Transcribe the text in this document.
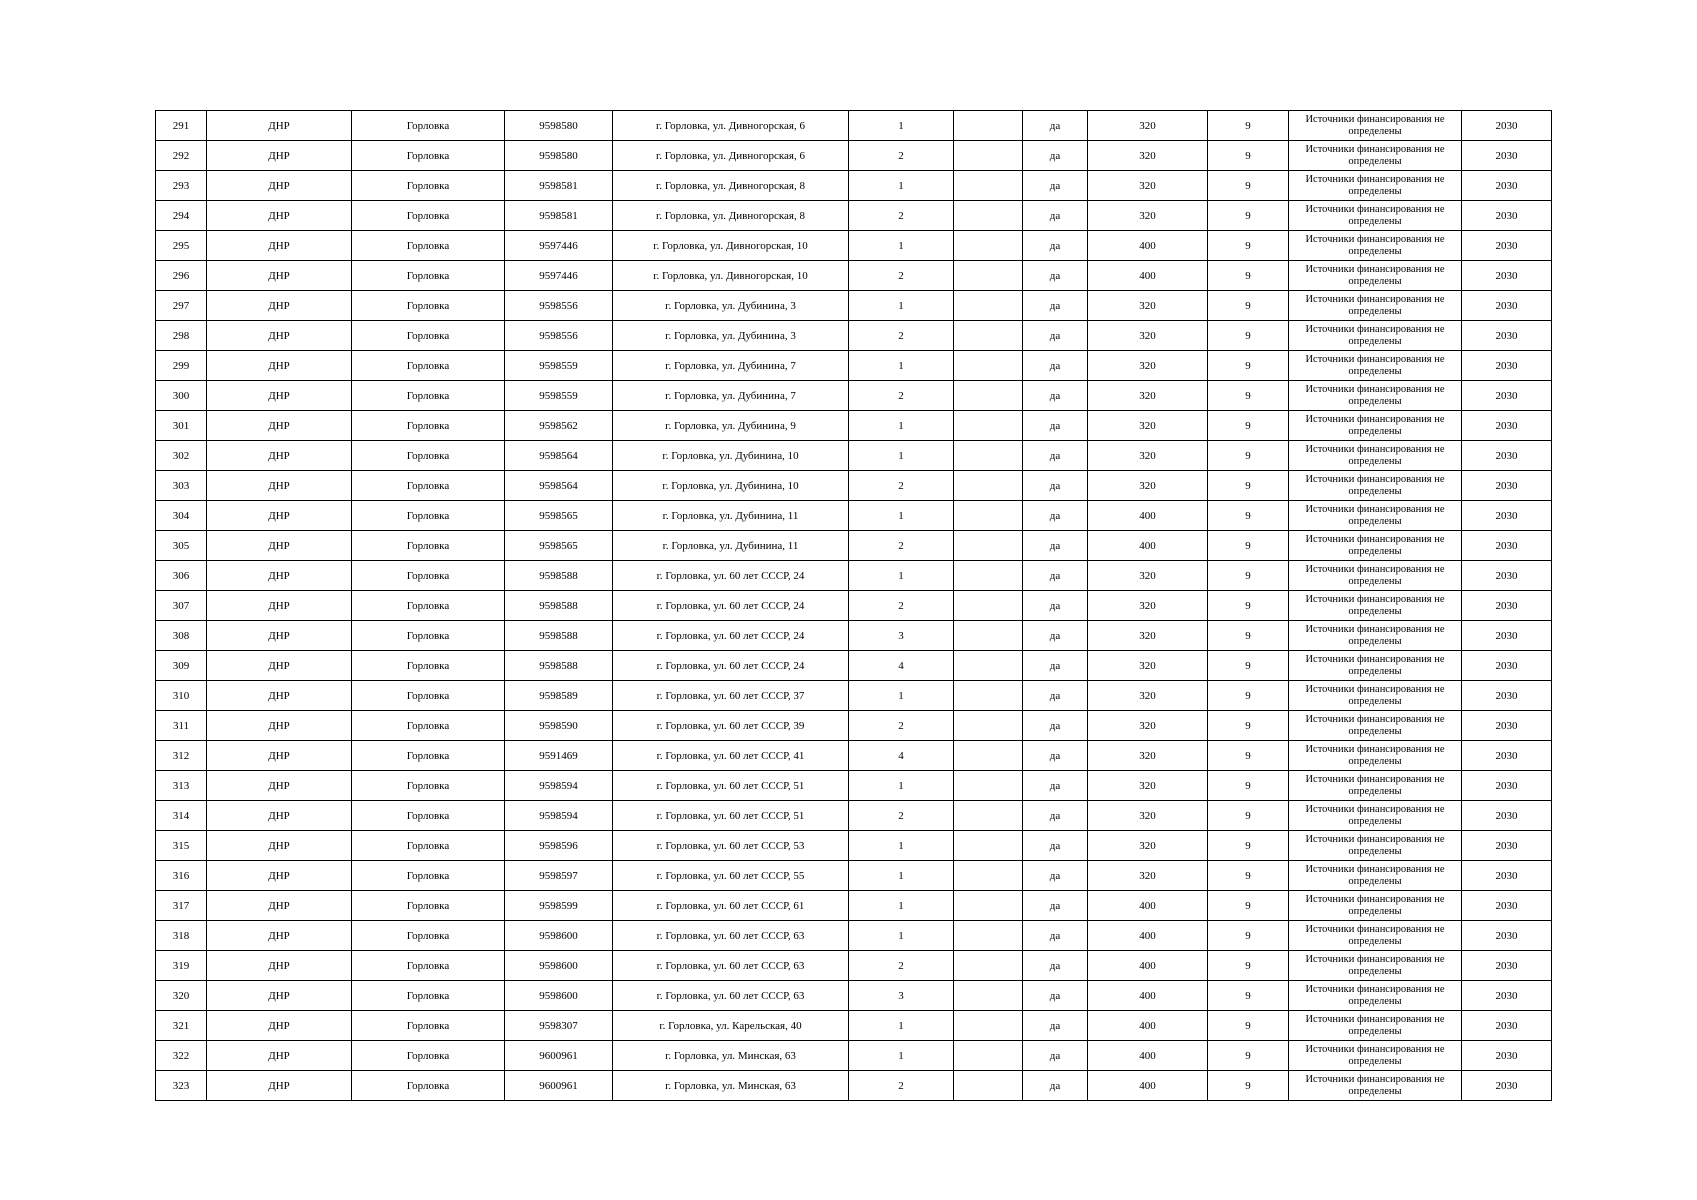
291	ДНР	Горловка	9598580	г. Горловка, ул. Дивногорская, 6	1		да	320	9	Источники финансирования не определены	2030
292	ДНР	Горловка	9598580	г. Горловка, ул. Дивногорская, 6	2		да	320	9	Источники финансирования не определены	2030
293	ДНР	Горловка	9598581	г. Горловка, ул. Дивногорская, 8	1		да	320	9	Источники финансирования не определены	2030
294	ДНР	Горловка	9598581	г. Горловка, ул. Дивногорская, 8	2		да	320	9	Источники финансирования не определены	2030
295	ДНР	Горловка	9597446	г. Горловка, ул. Дивногорская, 10	1		да	400	9	Источники финансирования не определены	2030
296	ДНР	Горловка	9597446	г. Горловка, ул. Дивногорская, 10	2		да	400	9	Источники финансирования не определены	2030
297	ДНР	Горловка	9598556	г. Горловка, ул. Дубинина, 3	1		да	320	9	Источники финансирования не определены	2030
298	ДНР	Горловка	9598556	г. Горловка, ул. Дубинина, 3	2		да	320	9	Источники финансирования не определены	2030
299	ДНР	Горловка	9598559	г. Горловка, ул. Дубинина, 7	1		да	320	9	Источники финансирования не определены	2030
300	ДНР	Горловка	9598559	г. Горловка, ул. Дубинина, 7	2		да	320	9	Источники финансирования не определены	2030
301	ДНР	Горловка	9598562	г. Горловка, ул. Дубинина, 9	1		да	320	9	Источники финансирования не определены	2030
302	ДНР	Горловка	9598564	г. Горловка, ул. Дубинина, 10	1		да	320	9	Источники финансирования не определены	2030
303	ДНР	Горловка	9598564	г. Горловка, ул. Дубинина, 10	2		да	320	9	Источники финансирования не определены	2030
304	ДНР	Горловка	9598565	г. Горловка, ул. Дубинина, 11	1		да	400	9	Источники финансирования не определены	2030
305	ДНР	Горловка	9598565	г. Горловка, ул. Дубинина, 11	2		да	400	9	Источники финансирования не определены	2030
306	ДНР	Горловка	9598588	г. Горловка, ул. 60 лет СССР, 24	1		да	320	9	Источники финансирования не определены	2030
307	ДНР	Горловка	9598588	г. Горловка, ул. 60 лет СССР, 24	2		да	320	9	Источники финансирования не определены	2030
308	ДНР	Горловка	9598588	г. Горловка, ул. 60 лет СССР, 24	3		да	320	9	Источники финансирования не определены	2030
309	ДНР	Горловка	9598588	г. Горловка, ул. 60 лет СССР, 24	4		да	320	9	Источники финансирования не определены	2030
310	ДНР	Горловка	9598589	г. Горловка, ул. 60 лет СССР, 37	1		да	320	9	Источники финансирования не определены	2030
311	ДНР	Горловка	9598590	г. Горловка, ул. 60 лет СССР, 39	2		да	320	9	Источники финансирования не определены	2030
312	ДНР	Горловка	9591469	г. Горловка, ул. 60 лет СССР, 41	4		да	320	9	Источники финансирования не определены	2030
313	ДНР	Горловка	9598594	г. Горловка, ул. 60 лет СССР, 51	1		да	320	9	Источники финансирования не определены	2030
314	ДНР	Горловка	9598594	г. Горловка, ул. 60 лет СССР, 51	2		да	320	9	Источники финансирования не определены	2030
315	ДНР	Горловка	9598596	г. Горловка, ул. 60 лет СССР, 53	1		да	320	9	Источники финансирования не определены	2030
316	ДНР	Горловка	9598597	г. Горловка, ул. 60 лет СССР, 55	1		да	320	9	Источники финансирования не определены	2030
317	ДНР	Горловка	9598599	г. Горловка, ул. 60 лет СССР, 61	1		да	400	9	Источники финансирования не определены	2030
318	ДНР	Горловка	9598600	г. Горловка, ул. 60 лет СССР, 63	1		да	400	9	Источники финансирования не определены	2030
319	ДНР	Горловка	9598600	г. Горловка, ул. 60 лет СССР, 63	2		да	400	9	Источники финансирования не определены	2030
320	ДНР	Горловка	9598600	г. Горловка, ул. 60 лет СССР, 63	3		да	400	9	Источники финансирования не определены	2030
321	ДНР	Горловка	9598307	г. Горловка, ул. Карельская, 40	1		да	400	9	Источники финансирования не определены	2030
322	ДНР	Горловка	9600961	г. Горловка, ул. Минская, 63	1		да	400	9	Источники финансирования не определены	2030
323	ДНР	Горловка	9600961	г. Горловка, ул. Минская, 63	2		да	400	9	Источники финансирования не определены	2030
